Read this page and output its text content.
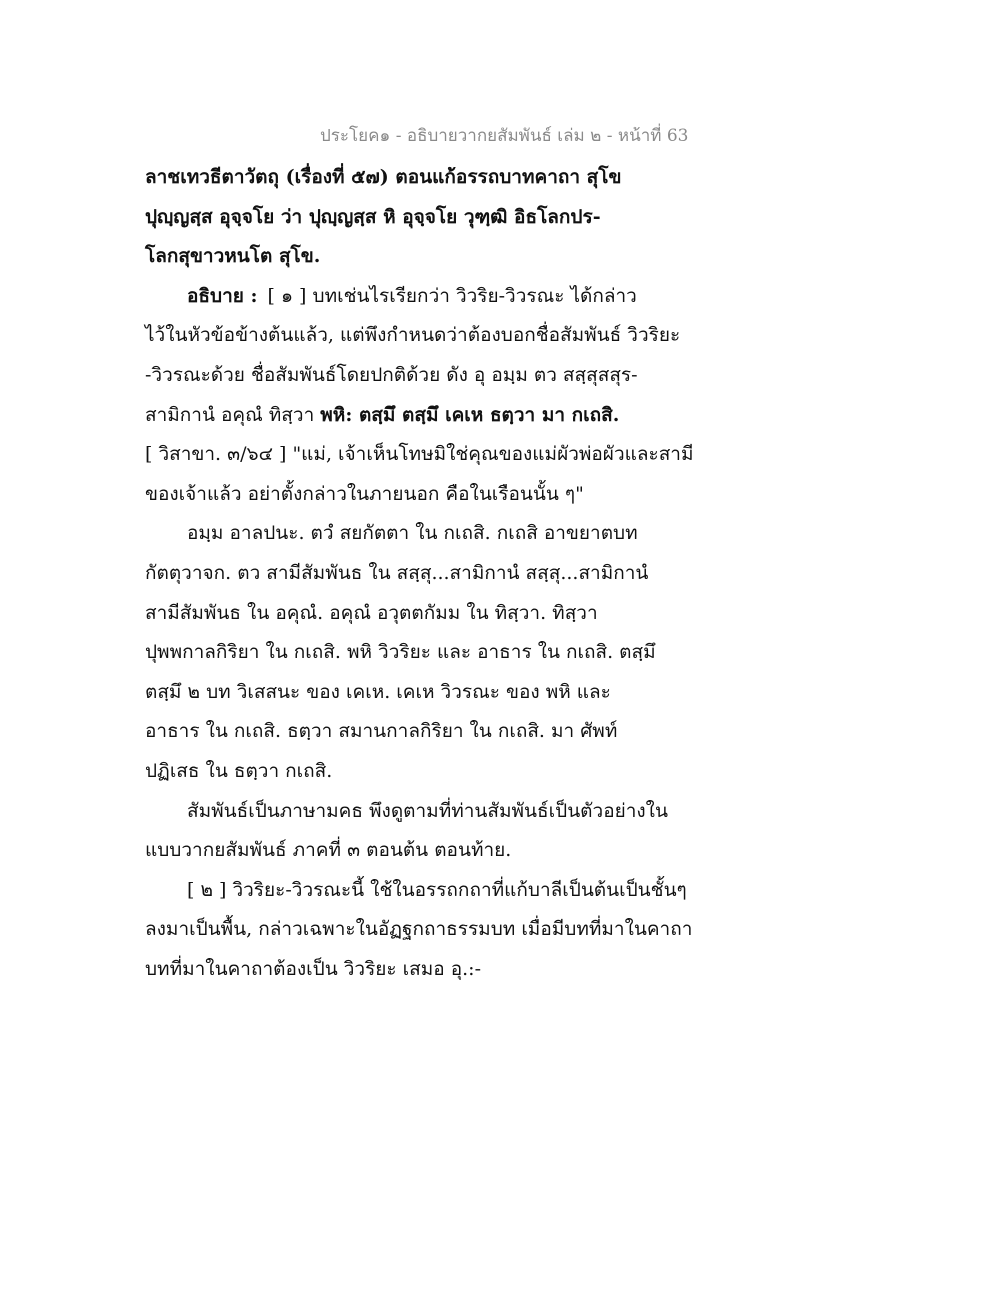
ประโยค๑ - อธิบายวากยสัมพันธ์ เล่ม ๒ - หน้าที่ 63
ลาชเทวธีตาวัตถุ (เรื่องที่ ๕๗) ตอนแก้อรรถบาทคาถา สุโข
ปุญฺญสฺส อุจฺจโย ว่า ปุญฺญสฺส หิ อุจฺจโย วุฑฺฒิ อิธโลกปร-
โลกสุขาวหนโต สุโข.
อธิบาย : [ ๑ ] บทเช่นไรเรียกว่า วิวริย-วิวรณะ ได้กล่าว
ไว้ในหัวข้อข้างต้นแล้ว, แต่พึงกำหนดว่าต้องบอกชื่อสัมพันธ์ วิวริยะ
-วิวรณะด้วย ชื่อสัมพันธ์โดยปกติด้วย ดัง อุ อมฺม ตว สสฺสุสสุร-
สามิกานํ อคุณํ ทิสฺวา พหิ: ตสฺมึ ตสฺมึ เคเห ธตฺวา มา กเถสิ.
[ วิสาขา. ๓/๖๔ ] "แม่, เจ้าเห็นโทษมิใช่คุณของแม่ผัวพ่อผัวและสามี
ของเจ้าแล้ว อย่าตั้งกล่าวในภายนอก คือในเรือนนั้น ๆ"
อมฺม อาลปนะ. ตวํ สยกัตตา ใน กเถสิ. กเถสิ อาขยาตบท
กัตตุวาจก. ตว สามีสัมพันธ ใน สสฺสุ...สามิกานํ สสฺสุ...สามิกานํ
สามีสัมพันธ ใน อคุณํ. อคุณํ อวุตตกัมม ใน ทิสฺวา. ทิสฺวา
ปุพพกาลกิริยา ใน กเถสิ. พหิ วิวริยะ และ อาธาร ใน กเถสิ. ตสฺมึ
ตสฺมึ ๒ บท วิเสสนะ ของ เคเห. เคเห วิวรณะ ของ พหิ และ
อาธาร ใน กเถสิ. ธตฺวา สมานกาลกิริยา ใน กเถสิ. มา ศัพท์
ปฏิเสธ ใน ธตฺวา กเถสิ.
สัมพันธ์เป็นภาษามคธ พึงดูตามที่ท่านสัมพันธ์เป็นตัวอย่างใน
แบบวากยสัมพันธ์ ภาคที่ ๓ ตอนต้น ตอนท้าย.
[ ๒ ] วิวริยะ-วิวรณะนี้ ใช้ในอรรถกถาที่แก้บาลีเป็นต้นเป็นชั้นๆ
ลงมาเป็นพื้น, กล่าวเฉพาะในอัฏฐกถาธรรมบท เมื่อมีบทที่มาในคาถา
บทที่มาในคาถาต้องเป็น วิวริยะ เสมอ อุ.:-
